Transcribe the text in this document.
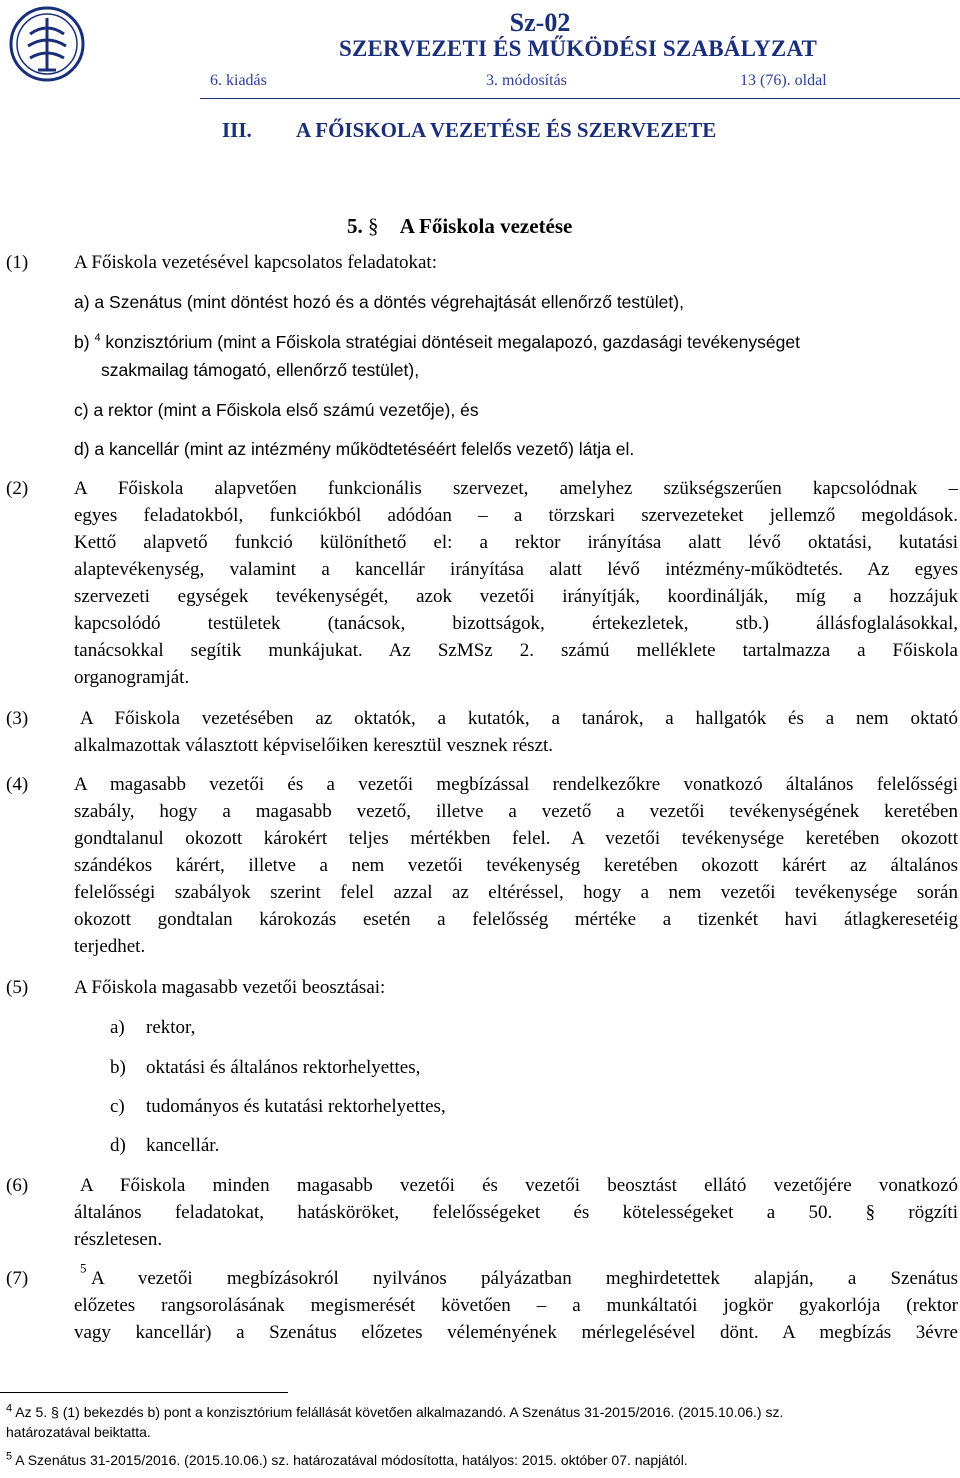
Sz-02
SZERVEZETI ÉS MŰKÖDÉSI SZABÁLYZAT
6. kiadás	3. módosítás	13 (76). oldal
III. A FŐISKOLA VEZETÉSE ÉS SZERVEZETE
5. § A Főiskola vezetése
(1) A Főiskola vezetésével kapcsolatos feladatokat:
a) a Szenátus (mint döntést hozó és a döntés végrehajtását ellenőrző testület),
b) $^4$ konzisztórium (mint a Főiskola stratégiai döntéseit megalapozó, gazdasági tevékenységet
szakmailag támogató, ellenőrző testület),
c) a rektor (mint a Főiskola első számú vezetője), és
d) a kancellár (mint az intézmény működtetéséért felelős vezető) látja el.
(2) A Főiskola alapvetően funkcionális szervezet, amelyhez szükségszerűen kapcsolódnak –
egyes feladatokból, funkciókból adódóan – a törzskari szervezeteket jellemző megoldások.
Kettő alapvető funkció különíthető el: a rektor irányítása alatt lévő oktatási, kutatási
alaptevékenység, valamint a kancellár irányítása alatt lévő intézmény-működtetés. Az egyes
szervezeti egységek tevékenységét, azok vezetői irányítják, koordinálják, míg a hozzájuk
kapcsolódó testületek (tanácsok, bizottságok, értekezletek, stb.) állásfoglalásokkal,
tanácsokkal segítik munkájukat. Az SzMSz 2. számú melléklete tartalmazza a Főiskola
organogramját.
(3)	A Főiskola vezetésében az oktatók, a kutatók, a tanárok, a hallgatók és a nem oktató
alkalmazottak választott képviselőiken keresztül vesznek részt.
(4) A magasabb vezetői és a vezetői megbízással rendelkezőkre vonatkozó általános felelősségi
szabály, hogy a magasabb vezető, illetve a vezető a vezetői tevékenységének keretében
gondtalanul okozott károkért teljes mértékben felel. A vezetői tevékenysége keretében okozott
szándékos kárért, illetve a nem vezetői tevékenység keretében okozott kárért az általános
felelősségi szabályok szerint felel azzal az eltéréssel, hogy a nem vezetői tevékenysége során
okozott gondtalan károkozás esetén a felelősség mértéke a tizenkét havi átlagkeresetéig
terjedhet.
(5) A Főiskola magasabb vezetői beosztásai:
a) rektor,
b) oktatási és általános rektorhelyettes,
c) tudományos és kutatási rektorhelyettes,
d) kancellár.
(6)	A Főiskola minden magasabb vezetői és vezetői beosztást ellátó vezetőjére vonatkozó
általános feladatokat, hatásköröket, felelősségeket és kötelességeket a 50. § rögzíti
részletesen.
(7)	$^5$ A vezetői megbízásokról nyilvános pályázatban meghirdetettek alapján, a Szenátus
előzetes rangsorolásának megismerését követően – a munkáltatói jogkör gyakorlója (rektor
vagy kancellár) a Szenátus előzetes véleményének mérlegelésével dönt. A megbízás 3évre
$^4$ Az 5. § (1) bekezdés b) pont a konzisztórium felállását követően alkalmazandó. A Szenátus 31-2015/2016. (2015.10.06.) sz.
határozatával beiktatta.
$^5$ A Szenátus 31-2015/2016. (2015.10.06.) sz. határozatával módosította, hatályos: 2015. október 07. napjától.
